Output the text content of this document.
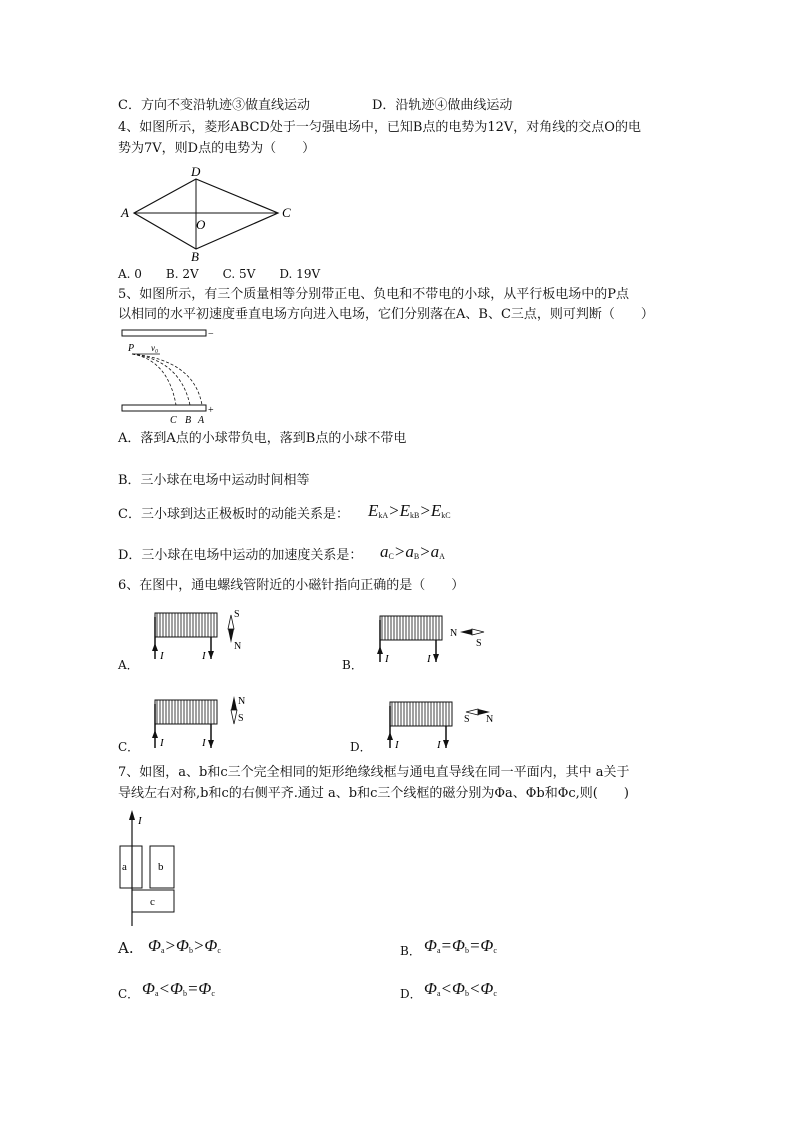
C．方向不变沿轨迹③做直线运动	D．沿轨迹④做曲线运动
4、如图所示，菱形ABCD处于一匀强电场中，已知B点的电势为12V，对角线的交点O的电
势为7V，则D点的电势为（　　）
D
A	C
O
B
A. 0　　B. 2V　　C. 5V　　D. 19V
5、如图所示，有三个质量相等分别带正电、负电和不带电的小球，从平行板电场中的P点
以相同的水平初速度垂直电场方向进入电场，它们分别落在A、B、C三点，则可判断（　　）
−
+
P v₀
C B A
A．落到A点的小球带负电，落到B点的小球不带电
B．三小球在电场中运动时间相等
C．三小球到达正极板时的动能关系是： $E_{kA}>E_{kB}>E_{kC}$
D．三小球在电场中运动的加速度关系是： $a_C>a_B>a_A$
6、在图中，通电螺线管附近的小磁针指向正确的是（　　）
I	I
S
N
A．	I	I
N
S
B．
I	I
N
S
C．	I	I
S N
D．
7、如图，a、b和c三个完全相同的矩形绝缘线框与通电直导线在同一平面内，其中 a关于
导线左右对称,b和c的右侧平齐.通过 a、b和c三个线框的磁分别为Φa、Φb和Φc,则(　　)
I
a	b
c
A. $\Phi_a>\Phi_b>\Phi_c$	B． $\Phi_a=\Phi_b=\Phi_c$
C． $\Phi_a<\Phi_b=\Phi_c$	D． $\Phi_a<\Phi_b<\Phi_c$
